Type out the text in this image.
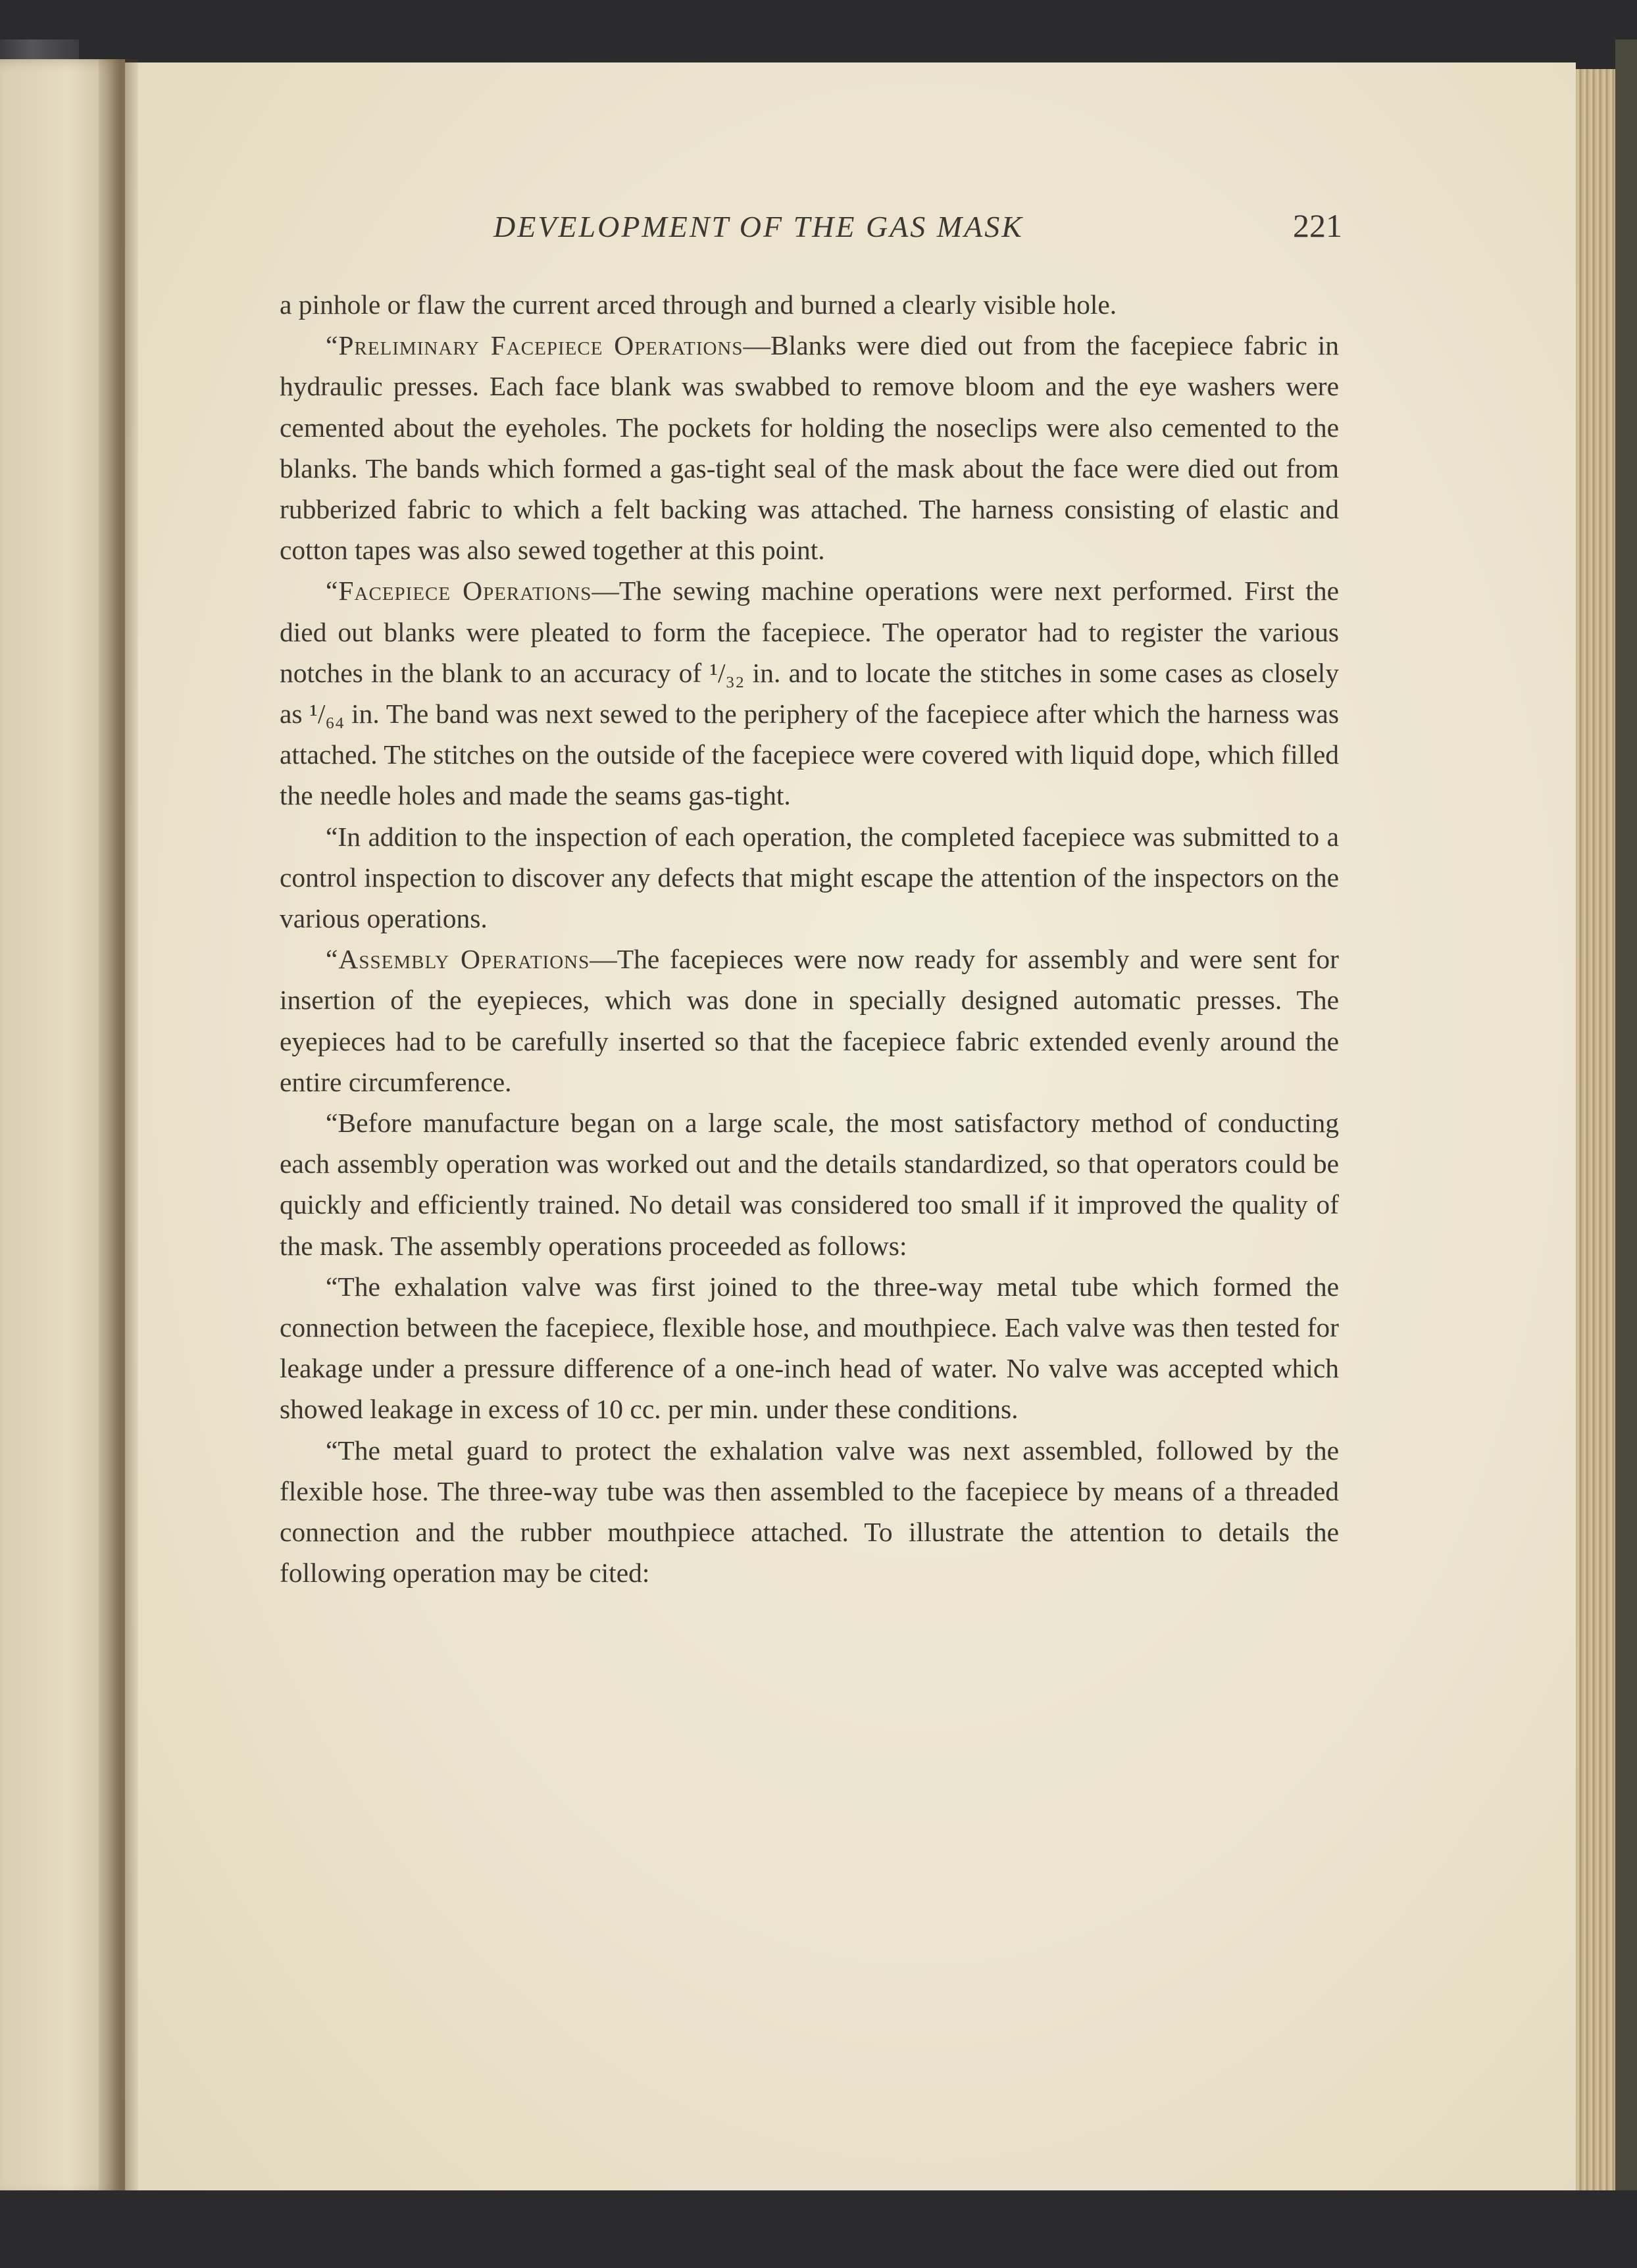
DEVELOPMENT OF THE GAS MASK	221

a pinhole or flaw the current arced through and burned a clearly visible hole.

“Preliminary Facepiece Operations—Blanks were died out from the facepiece fabric in hydraulic presses. Each face blank was swabbed to remove bloom and the eye washers were cemented about the eyeholes. The pockets for holding the noseclips were also cemented to the blanks. The bands which formed a gas-tight seal of the mask about the face were died out from rubberized fabric to which a felt backing was attached. The harness consisting of elastic and cotton tapes was also sewed together at this point.

“Facepiece Operations—The sewing machine operations were next performed. First the died out blanks were pleated to form the facepiece. The operator had to register the various notches in the blank to an accuracy of ¹/₃₂ in. and to locate the stitches in some cases as closely as ¹/₆₄ in. The band was next sewed to the periphery of the facepiece after which the harness was attached. The stitches on the outside of the facepiece were covered with liquid dope, which filled the needle holes and made the seams gas-tight.

“In addition to the inspection of each operation, the completed facepiece was submitted to a control inspection to discover any defects that might escape the attention of the inspectors on the various operations.

“Assembly Operations—The facepieces were now ready for assembly and were sent for insertion of the eyepieces, which was done in specially designed automatic presses. The eyepieces had to be carefully inserted so that the facepiece fabric extended evenly around the entire circumference.

“Before manufacture began on a large scale, the most satisfactory method of conducting each assembly operation was worked out and the details standardized, so that operators could be quickly and efficiently trained. No detail was considered too small if it improved the quality of the mask. The assembly operations proceeded as follows:

“The exhalation valve was first joined to the three-way metal tube which formed the connection between the facepiece, flexible hose, and mouthpiece. Each valve was then tested for leakage under a pressure difference of a one-inch head of water. No valve was accepted which showed leakage in excess of 10 cc. per min. under these conditions.

“The metal guard to protect the exhalation valve was next assembled, followed by the flexible hose. The three-way tube was then assembled to the facepiece by means of a threaded connection and the rubber mouthpiece attached. To illustrate the attention to details the following operation may be cited:
